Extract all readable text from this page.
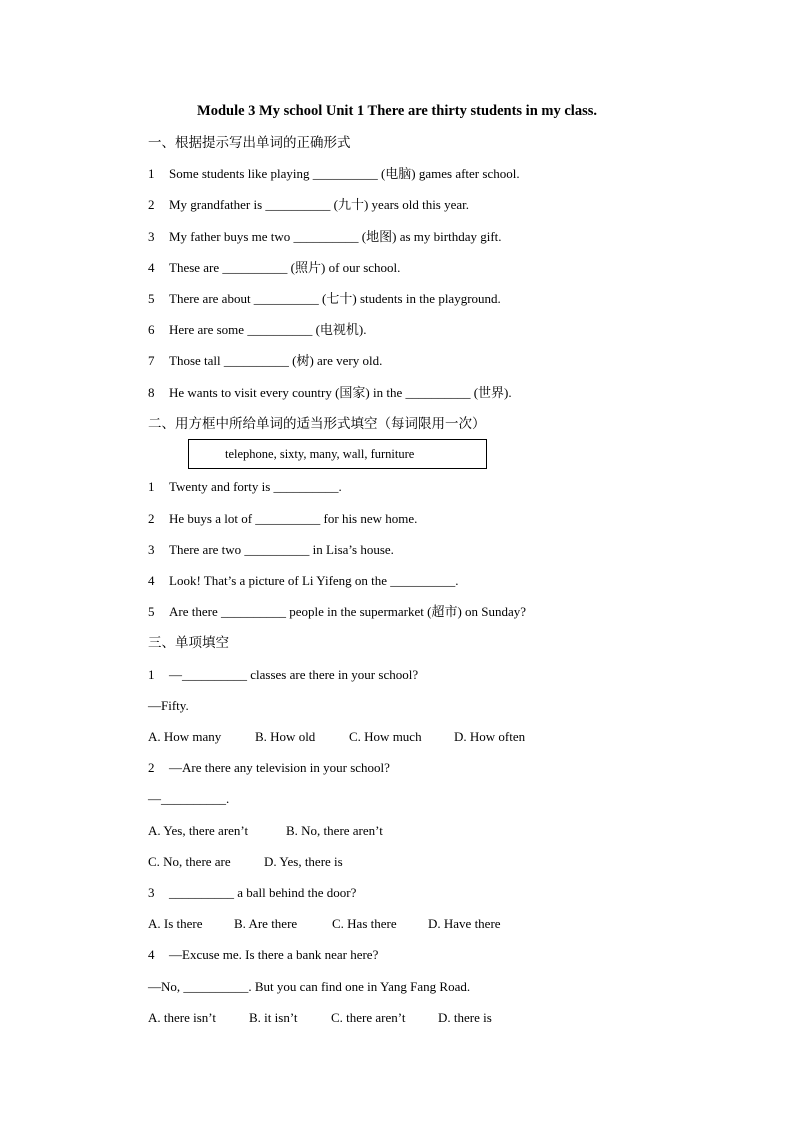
Module 3 My school Unit 1 There are thirty students in my class.
一、根据提示写出单词的正确形式
1 Some students like playing __________ (电脑) games after school.
2 My grandfather is __________ (九十) years old this year.
3 My father buys me two __________ (地图) as my birthday gift.
4 These are __________ (照片) of our school.
5 There are about __________ (七十) students in the playground.
6 Here are some __________ (电视机).
7 Those tall __________ (树) are very old.
8 He wants to visit every country (国家) in the __________ (世界).
二、用方框中所给单词的适当形式填空（每词限用一次）
telephone, sixty, many, wall, furniture
1 Twenty and forty is __________.
2 He buys a lot of __________ for his new home.
3 There are two __________ in Lisa’s house.
4 Look! That’s a picture of Li Yifeng on the __________.
5 Are there __________ people in the supermarket (超市) on Sunday?
三、单项填空
1 —__________ classes are there in your school?
—Fifty.
A. How many	B. How old	C. How much D. How often
2 —Are there any television in your school?
—__________.
A. Yes, there aren’t	B. No, there aren’t
C. No, there are	D. Yes, there is
3 __________ a ball behind the door?
A. Is there B. Are there	C. Has there D. Have there
4 —Excuse me. Is there a bank near here?
—No, __________. But you can find one in Yang Fang Road.
A. there isn’t	B. it isn’t	C. there aren’t	D. there is
